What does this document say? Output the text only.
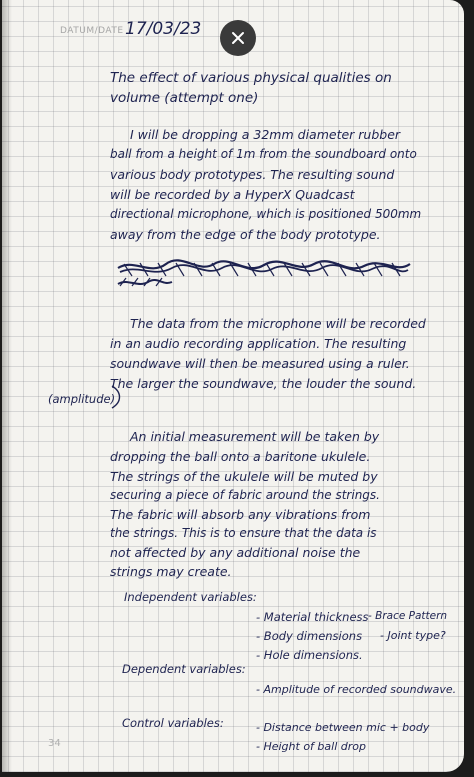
DATUM/DATE 17/03/23
The effect of various physical qualities on
volume (attempt one)
I will be dropping a 32mm diameter rubber
ball from a height of 1m from the soundboard onto
various body prototypes. The resulting sound
will be recorded by a HyperX Quadcast
directional microphone, which is positioned 500mm
away from the edge of the body prototype.
The data from the microphone will be recorded
in an audio recording application. The resulting
soundwave will then be measured using a ruler.
The larger the soundwave, the louder the sound.
(amplitude)
An initial measurement will be taken by
dropping the ball onto a baritone ukulele.
The strings of the ukulele will be muted by
securing a piece of fabric around the strings.
The fabric will absorb any vibrations from
the strings. This is to ensure that the data is
not affected by any additional noise the
strings may create.
Independent variables:
- Material thickness
- Body dimensions
- Hole dimensions.
- Brace Pattern
- Joint type?
Dependent variables:
- Amplitude of recorded soundwave.
Control variables:	- Distance between mic + body
- Height of ball drop
34
